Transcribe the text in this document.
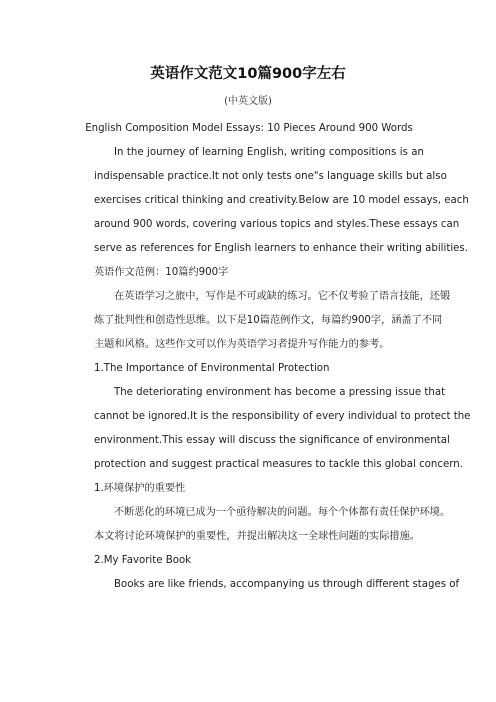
英语作文范文10篇900字左右
(中英文版)
English Composition Model Essays: 10 Pieces Around 900 Words
In the journey of learning English, writing compositions is an
indispensable practice.It not only tests one"s language skills but also
exercises critical thinking and creativity.Below are 10 model essays, each
around 900 words, covering various topics and styles.These essays can
serve as references for English learners to enhance their writing abilities.
英语作文范例：10篇约900字
在英语学习之旅中，写作是不可或缺的练习。它不仅考验了语言技能，还锻
炼了批判性和创造性思维。以下是10篇范例作文，每篇约900字，涵盖了不同
主题和风格。这些作文可以作为英语学习者提升写作能力的参考。
1.The Importance of Environmental Protection
The deteriorating environment has become a pressing issue that
cannot be ignored.It is the responsibility of every individual to protect the
environment.This essay will discuss the significance of environmental
protection and suggest practical measures to tackle this global concern.
1.环境保护的重要性
不断恶化的环境已成为一个亟待解决的问题。每个个体都有责任保护环境。
本文将讨论环境保护的重要性，并提出解决这一全球性问题的实际措施。
2.My Favorite Book
Books are like friends, accompanying us through different stages of
